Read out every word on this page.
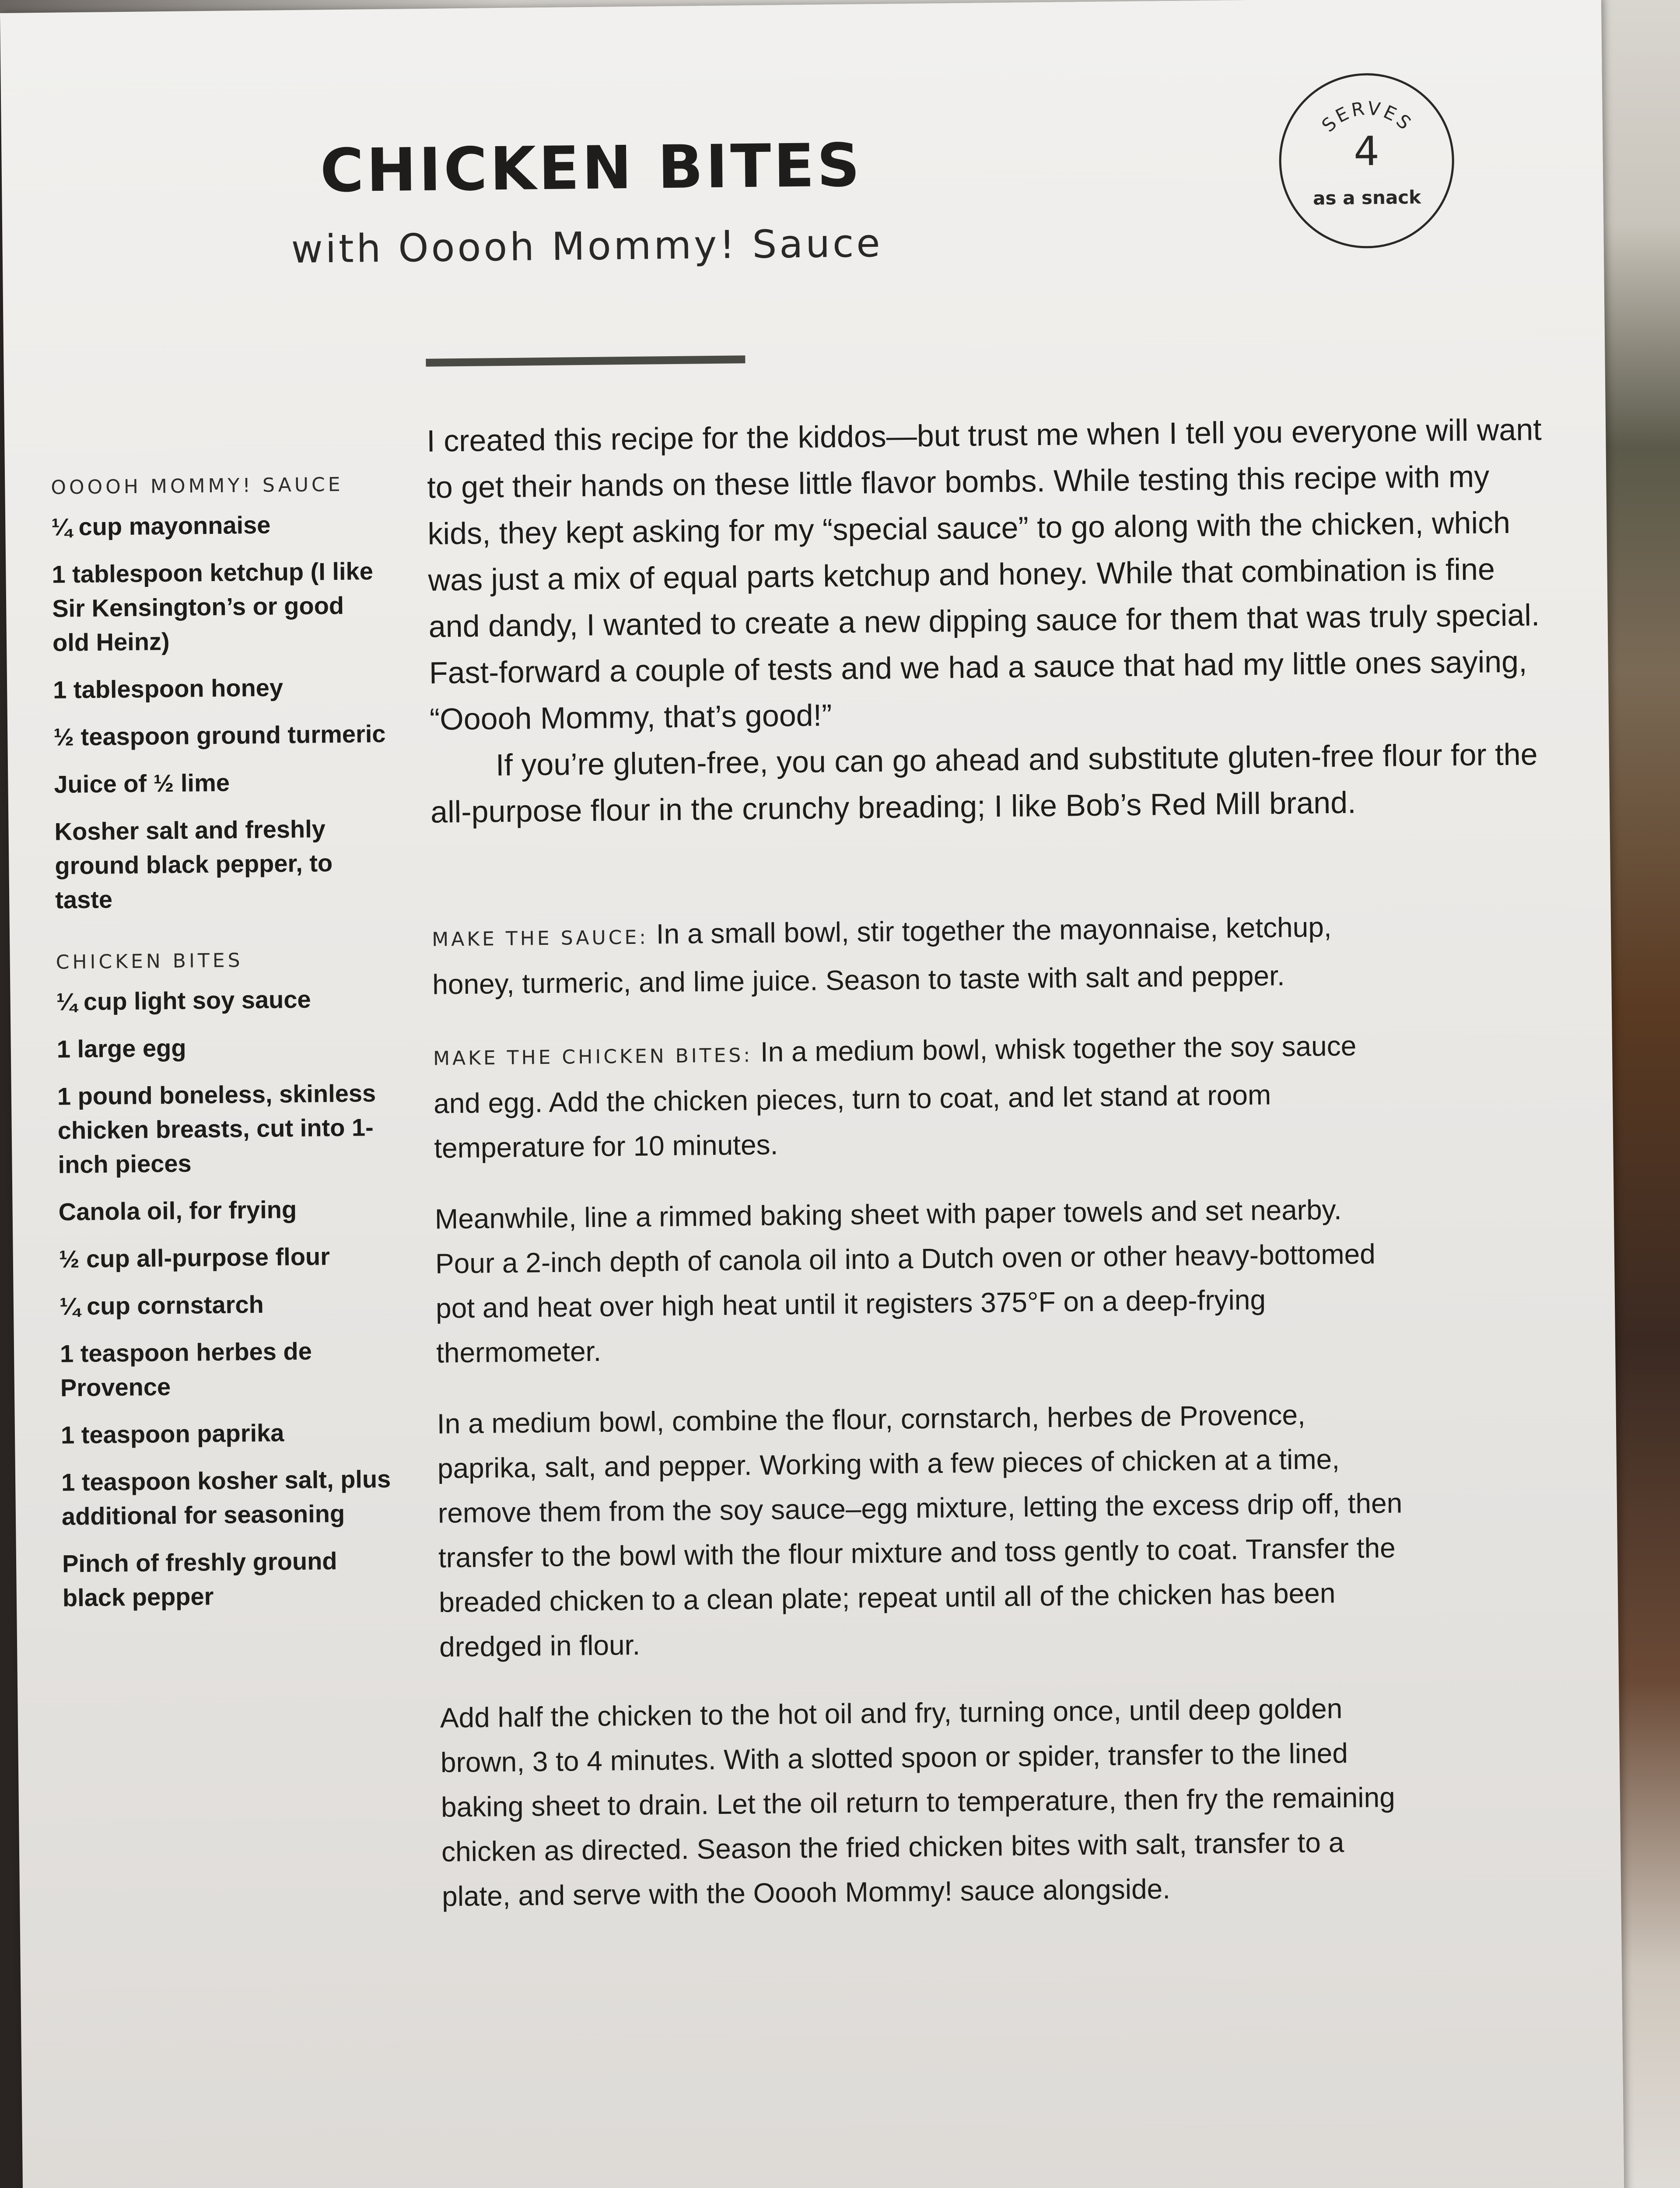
CHICKEN BITES
with Ooooh Mommy! Sauce
SERVES
4
as a snack
OOOOH MOMMY! SAUCE
¼ cup mayonnaise
1 tablespoon ketchup (I like Sir Kensington’s or good old Heinz)
1 tablespoon honey
½ teaspoon ground turmeric
Juice of ½ lime
Kosher salt and freshly ground black pepper, to taste
CHICKEN BITES
¼ cup light soy sauce
1 large egg
1 pound boneless, skinless chicken breasts, cut into 1-inch pieces
Canola oil, for frying
½ cup all-purpose flour
¼ cup cornstarch
1 teaspoon herbes de Provence
1 teaspoon paprika
1 teaspoon kosher salt, plus additional for seasoning
Pinch of freshly ground black pepper

I created this recipe for the kiddos—but trust me when I tell you everyone will want to get their hands on these little flavor bombs. While testing this recipe with my kids, they kept asking for my “special sauce” to go along with the chicken, which was just a mix of equal parts ketchup and honey. While that combination is fine and dandy, I wanted to create a new dipping sauce for them that was truly special. Fast-forward a couple of tests and we had a sauce that had my little ones saying, “Ooooh Mommy, that’s good!”

If you’re gluten-free, you can go ahead and substitute gluten-free flour for the all-purpose flour in the crunchy breading; I like Bob’s Red Mill brand.

MAKE THE SAUCE: In a small bowl, stir together the mayonnaise, ketchup, honey, turmeric, and lime juice. Season to taste with salt and pepper.

MAKE THE CHICKEN BITES: In a medium bowl, whisk together the soy sauce and egg. Add the chicken pieces, turn to coat, and let stand at room temperature for 10 minutes.

Meanwhile, line a rimmed baking sheet with paper towels and set nearby. Pour a 2-inch depth of canola oil into a Dutch oven or other heavy-bottomed pot and heat over high heat until it registers 375°F on a deep-frying thermometer.

In a medium bowl, combine the flour, cornstarch, herbes de Provence, paprika, salt, and pepper. Working with a few pieces of chicken at a time, remove them from the soy sauce–egg mixture, letting the excess drip off, then transfer to the bowl with the flour mixture and toss gently to coat. Transfer the breaded chicken to a clean plate; repeat until all of the chicken has been dredged in flour.

Add half the chicken to the hot oil and fry, turning once, until deep golden brown, 3 to 4 minutes. With a slotted spoon or spider, transfer to the lined baking sheet to drain. Let the oil return to temperature, then fry the remaining chicken as directed. Season the fried chicken bites with salt, transfer to a plate, and serve with the Ooooh Mommy! sauce alongside.
